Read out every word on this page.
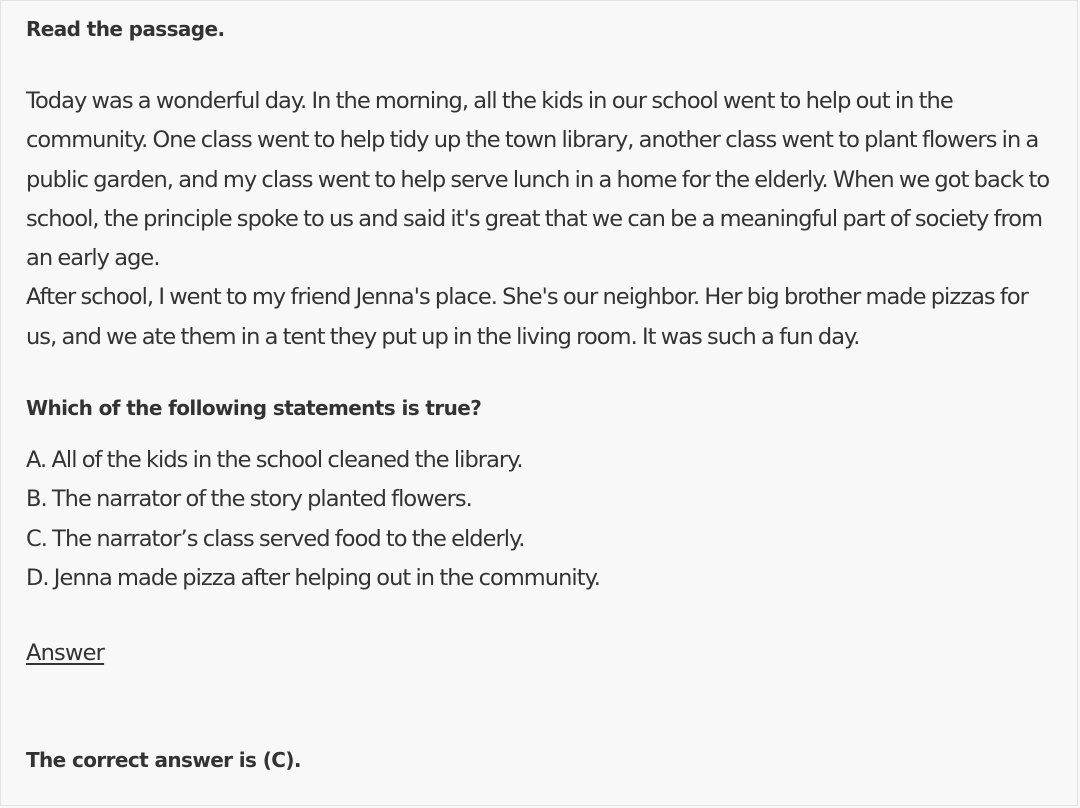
Read the passage.

Today was a wonderful day. In the morning, all the kids in our school went to help out in the community. One class went to help tidy up the town library, another class went to plant flowers in a public garden, and my class went to help serve lunch in a home for the elderly. When we got back to school, the principle spoke to us and said it's great that we can be a meaningful part of society from an early age.

After school, I went to my friend Jenna's place. She's our neighbor. Her big brother made pizzas for us, and we ate them in a tent they put up in the living room. It was such a fun day.

Which of the following statements is true?

A. All of the kids in the school cleaned the library.

B. The narrator of the story planted flowers.

C. The narrator’s class served food to the elderly.

D. Jenna made pizza after helping out in the community.

Answer
The correct answer is (C).
